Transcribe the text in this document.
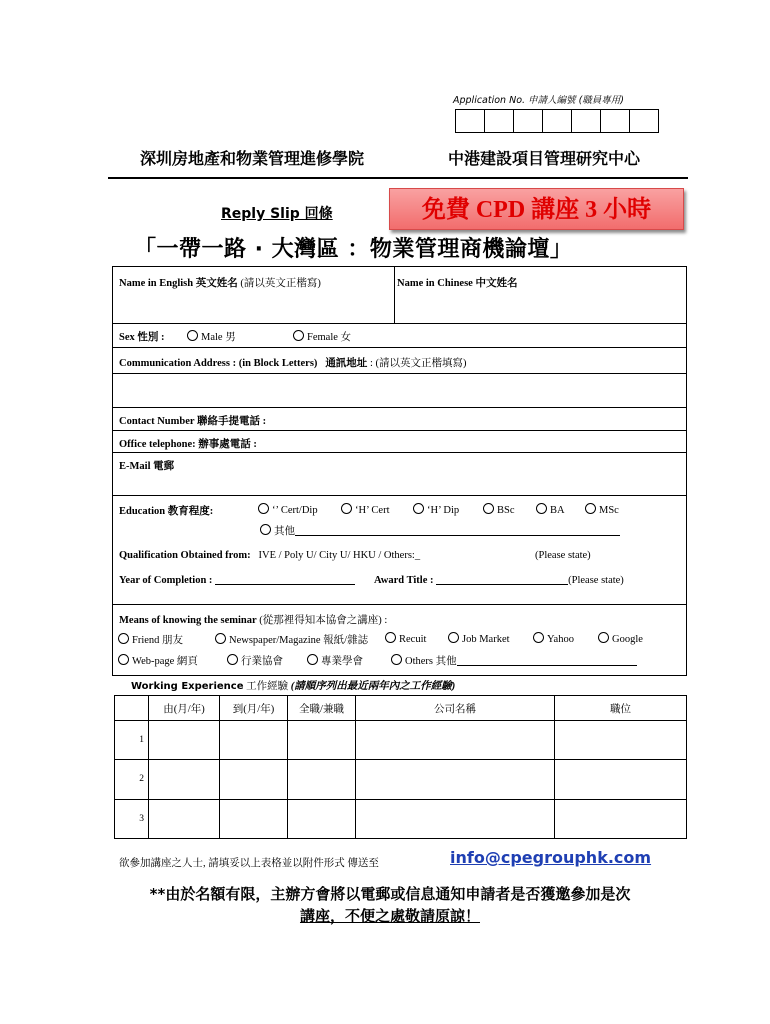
Application No. 申請人編號 (職員專用)
深圳房地產和物業管理進修學院	中港建設項目管理研究中心
Reply Slip 回條	免費 CPD 講座 3 小時
「一帶一路 · 大灣區 ：物業管理商機論壇」
Name in English 英文姓名 (請以英文正楷寫)	Name in Chinese 中文姓名
Sex 性別 :	Male 男	Female 女
Communication Address : (in Block Letters) 通訊地址 : (請以英文正楷填寫)
Contact Number 聯絡手提電話 :
Office telephone: 辦事處電話 :
E-Mail 電郵
Education 教育程度:	‘’ Cert/Dip	‘H’ Cert	‘H’ Dip	BSc	BA	MSc
其他
Qualification Obtained from: IVE / Poly U/ City U/ HKU / Others:_	(Please state)
Year of Completion :	Award Title :	(Please state)
Means of knowing the seminar (從那裡得知本協會之講座) :
Friend 朋友	Newspaper/Magazine 報紙/雜誌	Recuit	Job Market	Yahoo	Google
Web-page 網頁	行業協會	專業學會	Others 其他
Working Experience 工作經驗 (請順序列出最近兩年內之工作經驗)
	由(月/年)	到(月/年)	全職/兼職	公司名稱	職位
1					
2					
3					
欲參加講座之人士, 請填妥以上表格並以附件形式 傳送至	info@cpegrouphk.com
**由於名額有限，主辦方會將以電郵或信息通知申請者是否獲邀參加是次
講座，不便之處敬請原諒！
